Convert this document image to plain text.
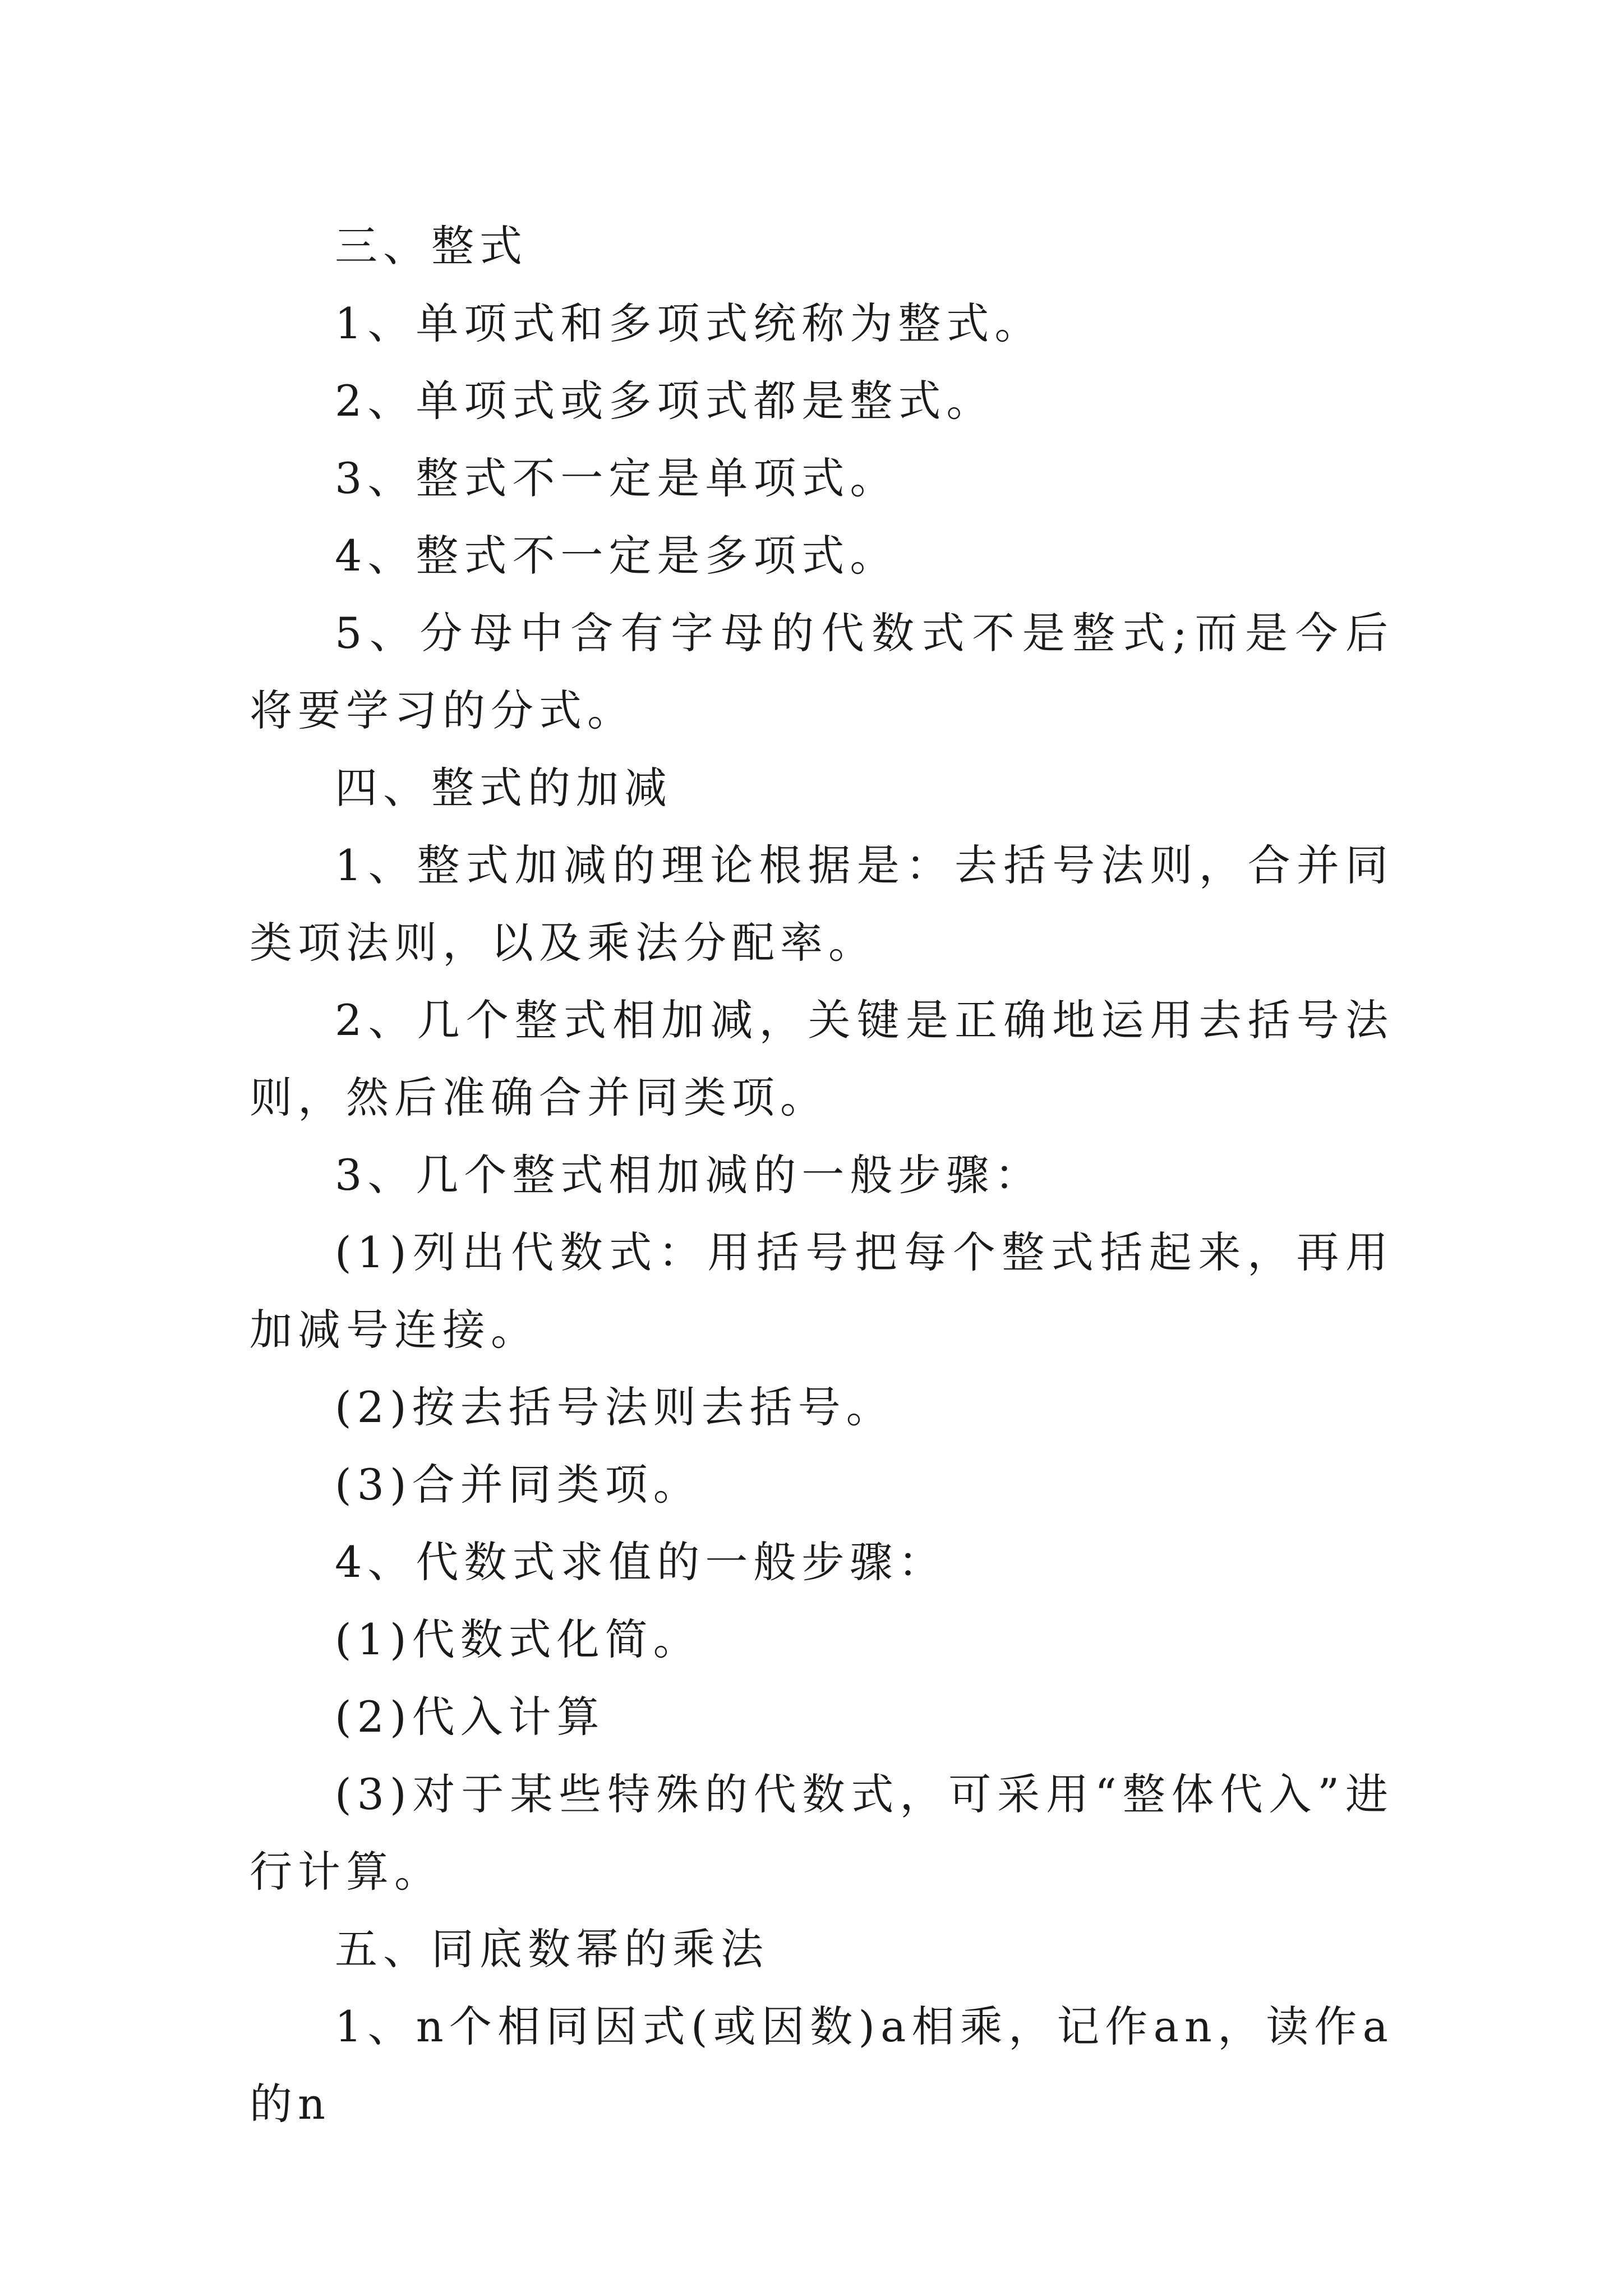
三、整式

1、单项式和多项式统称为整式。

2、单项式或多项式都是整式。

3、整式不一定是单项式。

4、整式不一定是多项式。

5、分母中含有字母的代数式不是整式;而是今后将要学习的分式。

四、整式的加减

1、整式加减的理论根据是：去括号法则，合并同类项法则，以及乘法分配率。

2、几个整式相加减，关键是正确地运用去括号法则，然后准确合并同类项。

3、几个整式相加减的一般步骤：

(1)列出代数式：用括号把每个整式括起来，再用加减号连接。

(2)按去括号法则去括号。

(3)合并同类项。

4、代数式求值的一般步骤：

(1)代数式化简。

(2)代入计算

(3)对于某些特殊的代数式，可采用“整体代入”进行计算。

五、同底数幂的乘法

1、n个相同因式(或因数)a相乘，记作an，读作a的n
